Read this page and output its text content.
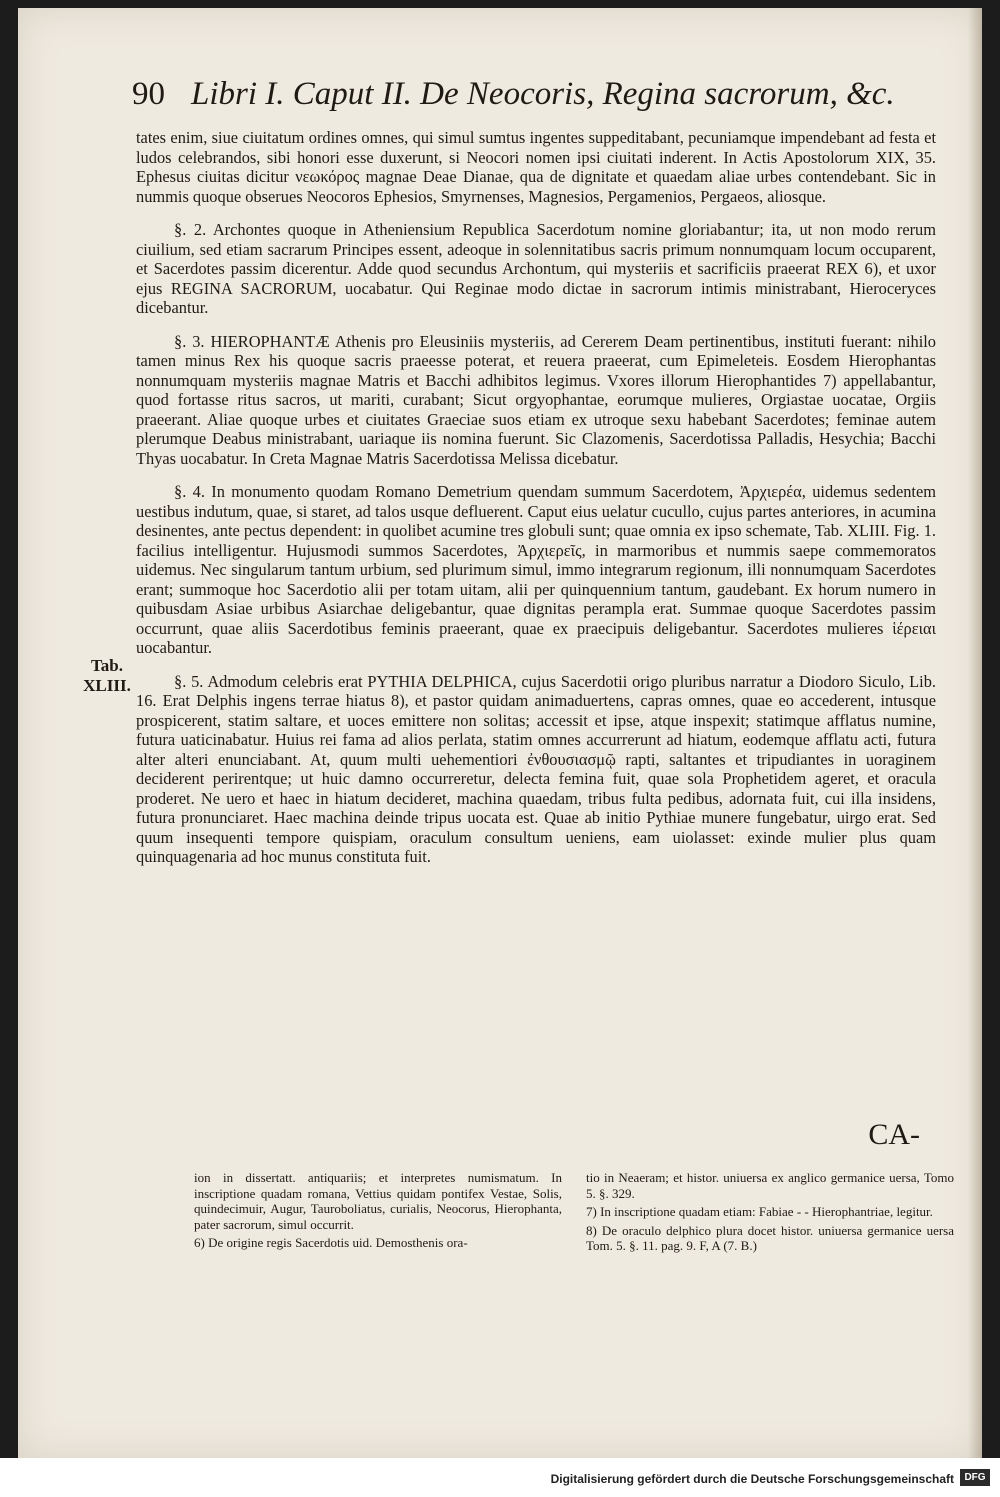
90 Libri I. Caput II. De Neocoris, Regina sacrorum, &c.

tates enim, siue ciuitatum ordines omnes, qui simul sumtus ingentes suppeditabant, pecuniamque impendebant ad festa et ludos celebrandos, sibi honori esse duxerunt, si Neocori nomen ipsi ciuitati inderent. In Actis Apostolorum XIX, 35. Ephesus ciuitas dicitur νεωκόρος magnae Deae Dianae, qua de dignitate et quaedam aliae urbes contendebant. Sic in nummis quoque obserues Neocoros Ephesios, Smyrnenses, Magnesios, Pergamenios, Pergaeos, aliosque.

§. 2. Archontes quoque in Atheniensium Republica Sacerdotum nomine gloriabantur; ita, ut non modo rerum ciuilium, sed etiam sacrarum Principes essent, adeoque in solennitatibus sacris primum nonnumquam locum occuparent, et Sacerdotes passim dicerentur. Adde quod secundus Archontum, qui mysteriis et sacrificiis praeerat REX 6), et uxor ejus REGINA SACRORUM, uocabatur. Qui Reginae modo dictae in sacrorum intimis ministrabant, Hieroceryces dicebantur.

§. 3. HIEROPHANTÆ Athenis pro Eleusiniis mysteriis, ad Cererem Deam pertinentibus, instituti fuerant: nihilo tamen minus Rex his quoque sacris praeesse poterat, et reuera praeerat, cum Epimeleteis. Eosdem Hierophantas nonnumquam mysteriis magnae Matris et Bacchi adhibitos legimus. Vxores illorum Hierophantides 7) appellabantur, quod fortasse ritus sacros, ut mariti, curabant; Sicut orgyophantae, eorumque mulieres, Orgiastae uocatae, Orgiis praeerant. Aliae quoque urbes et ciuitates Graeciae suos etiam ex utroque sexu habebant Sacerdotes; feminae autem plerumque Deabus ministrabant, uariaque iis nomina fuerunt. Sic Clazomenis, Sacerdotissa Palladis, Hesychia; Bacchi Thyas uocabatur. In Creta Magnae Matris Sacerdotissa Melissa dicebatur.

§. 4. In monumento quodam Romano Demetrium quendam summum Sacerdotem, Ἀρχιερέα, uidemus sedentem uestibus indutum, quae, si staret, ad talos usque defluerent. Caput eius uelatur cucullo, cujus partes anteriores, in acumina desinentes, ante pectus dependent: in quolibet acumine tres globuli sunt; quae omnia ex ipso schemate, Tab. XLIII. Fig. 1. facilius intelligentur. Hujusmodi summos Sacerdotes, Ἀρχιερεῖς, in marmoribus et nummis saepe commemoratos uidemus. Nec singularum tantum urbium, sed plurimum simul, immo integrarum regionum, illi nonnumquam Sacerdotes erant; summoque hoc Sacerdotio alii per totam uitam, alii per quinquennium tantum, gaudebant. Ex horum numero in quibusdam Asiae urbibus Asiarchae deligebantur, quae dignitas perampla erat. Summae quoque Sacerdotes passim occurrunt, quae aliis Sacerdotibus feminis praeerant, quae ex praecipuis deligebantur. Sacerdotes mulieres ἱέρειαι uocabantur.

§. 5. Admodum celebris erat PYTHIA DELPHICA, cujus Sacerdotii origo pluribus narratur a Diodoro Siculo, Lib. 16. Erat Delphis ingens terrae hiatus 8), et pastor quidam animaduertens, capras omnes, quae eo accederent, intusque prospicerent, statim saltare, et uoces emittere non solitas; accessit et ipse, atque inspexit; statimque afflatus numine, futura uaticinabatur. Huius rei fama ad alios perlata, statim omnes accurrerunt ad hiatum, eodemque afflatu acti, futura alter alteri enunciabant. At, quum multi uehementiori ἐνθουσιασμῷ rapti, saltantes et tripudiantes in uoraginem deciderent perirentque; ut huic damno occurreretur, delecta femina fuit, quae sola Prophetidem ageret, et oracula proderet. Ne uero et haec in hiatum decideret, machina quaedam, tribus fulta pedibus, adornata fuit, cui illa insidens, futura pronunciaret. Haec machina deinde tripus uocata est. Quae ab initio Pythiae munere fungebatur, uirgo erat. Sed quum insequenti tempore quispiam, oraculum consultum ueniens, eam uiolasset: exinde mulier plus quam quinquagenaria ad hoc munus constituta fuit.

Tab. XLIII.
CA-

ion in dissertatt. antiquariis; et interpretes numismatum. In inscriptione quadam romana, Vettius quidam pontifex Vestae, Solis, quindecimuir, Augur, Tauroboliatus, curialis, Neocorus, Hierophanta, pater sacrorum, simul occurrit.

6) De origine regis Sacerdotis uid. Demosthenis ora-

tio in Neaeram; et histor. uniuersa ex anglico germanice uersa, Tomo 5. §. 329.

7) In inscriptione quadam etiam: Fabiae - - Hierophantriae, legitur.

8) De oraculo delphico plura docet histor. uniuersa germanice uersa Tom. 5. §. 11. pag. 9. F, A (7. B.)

Digitalisierung gefördert durch die Deutsche Forschungsgemeinschaft	DFG
